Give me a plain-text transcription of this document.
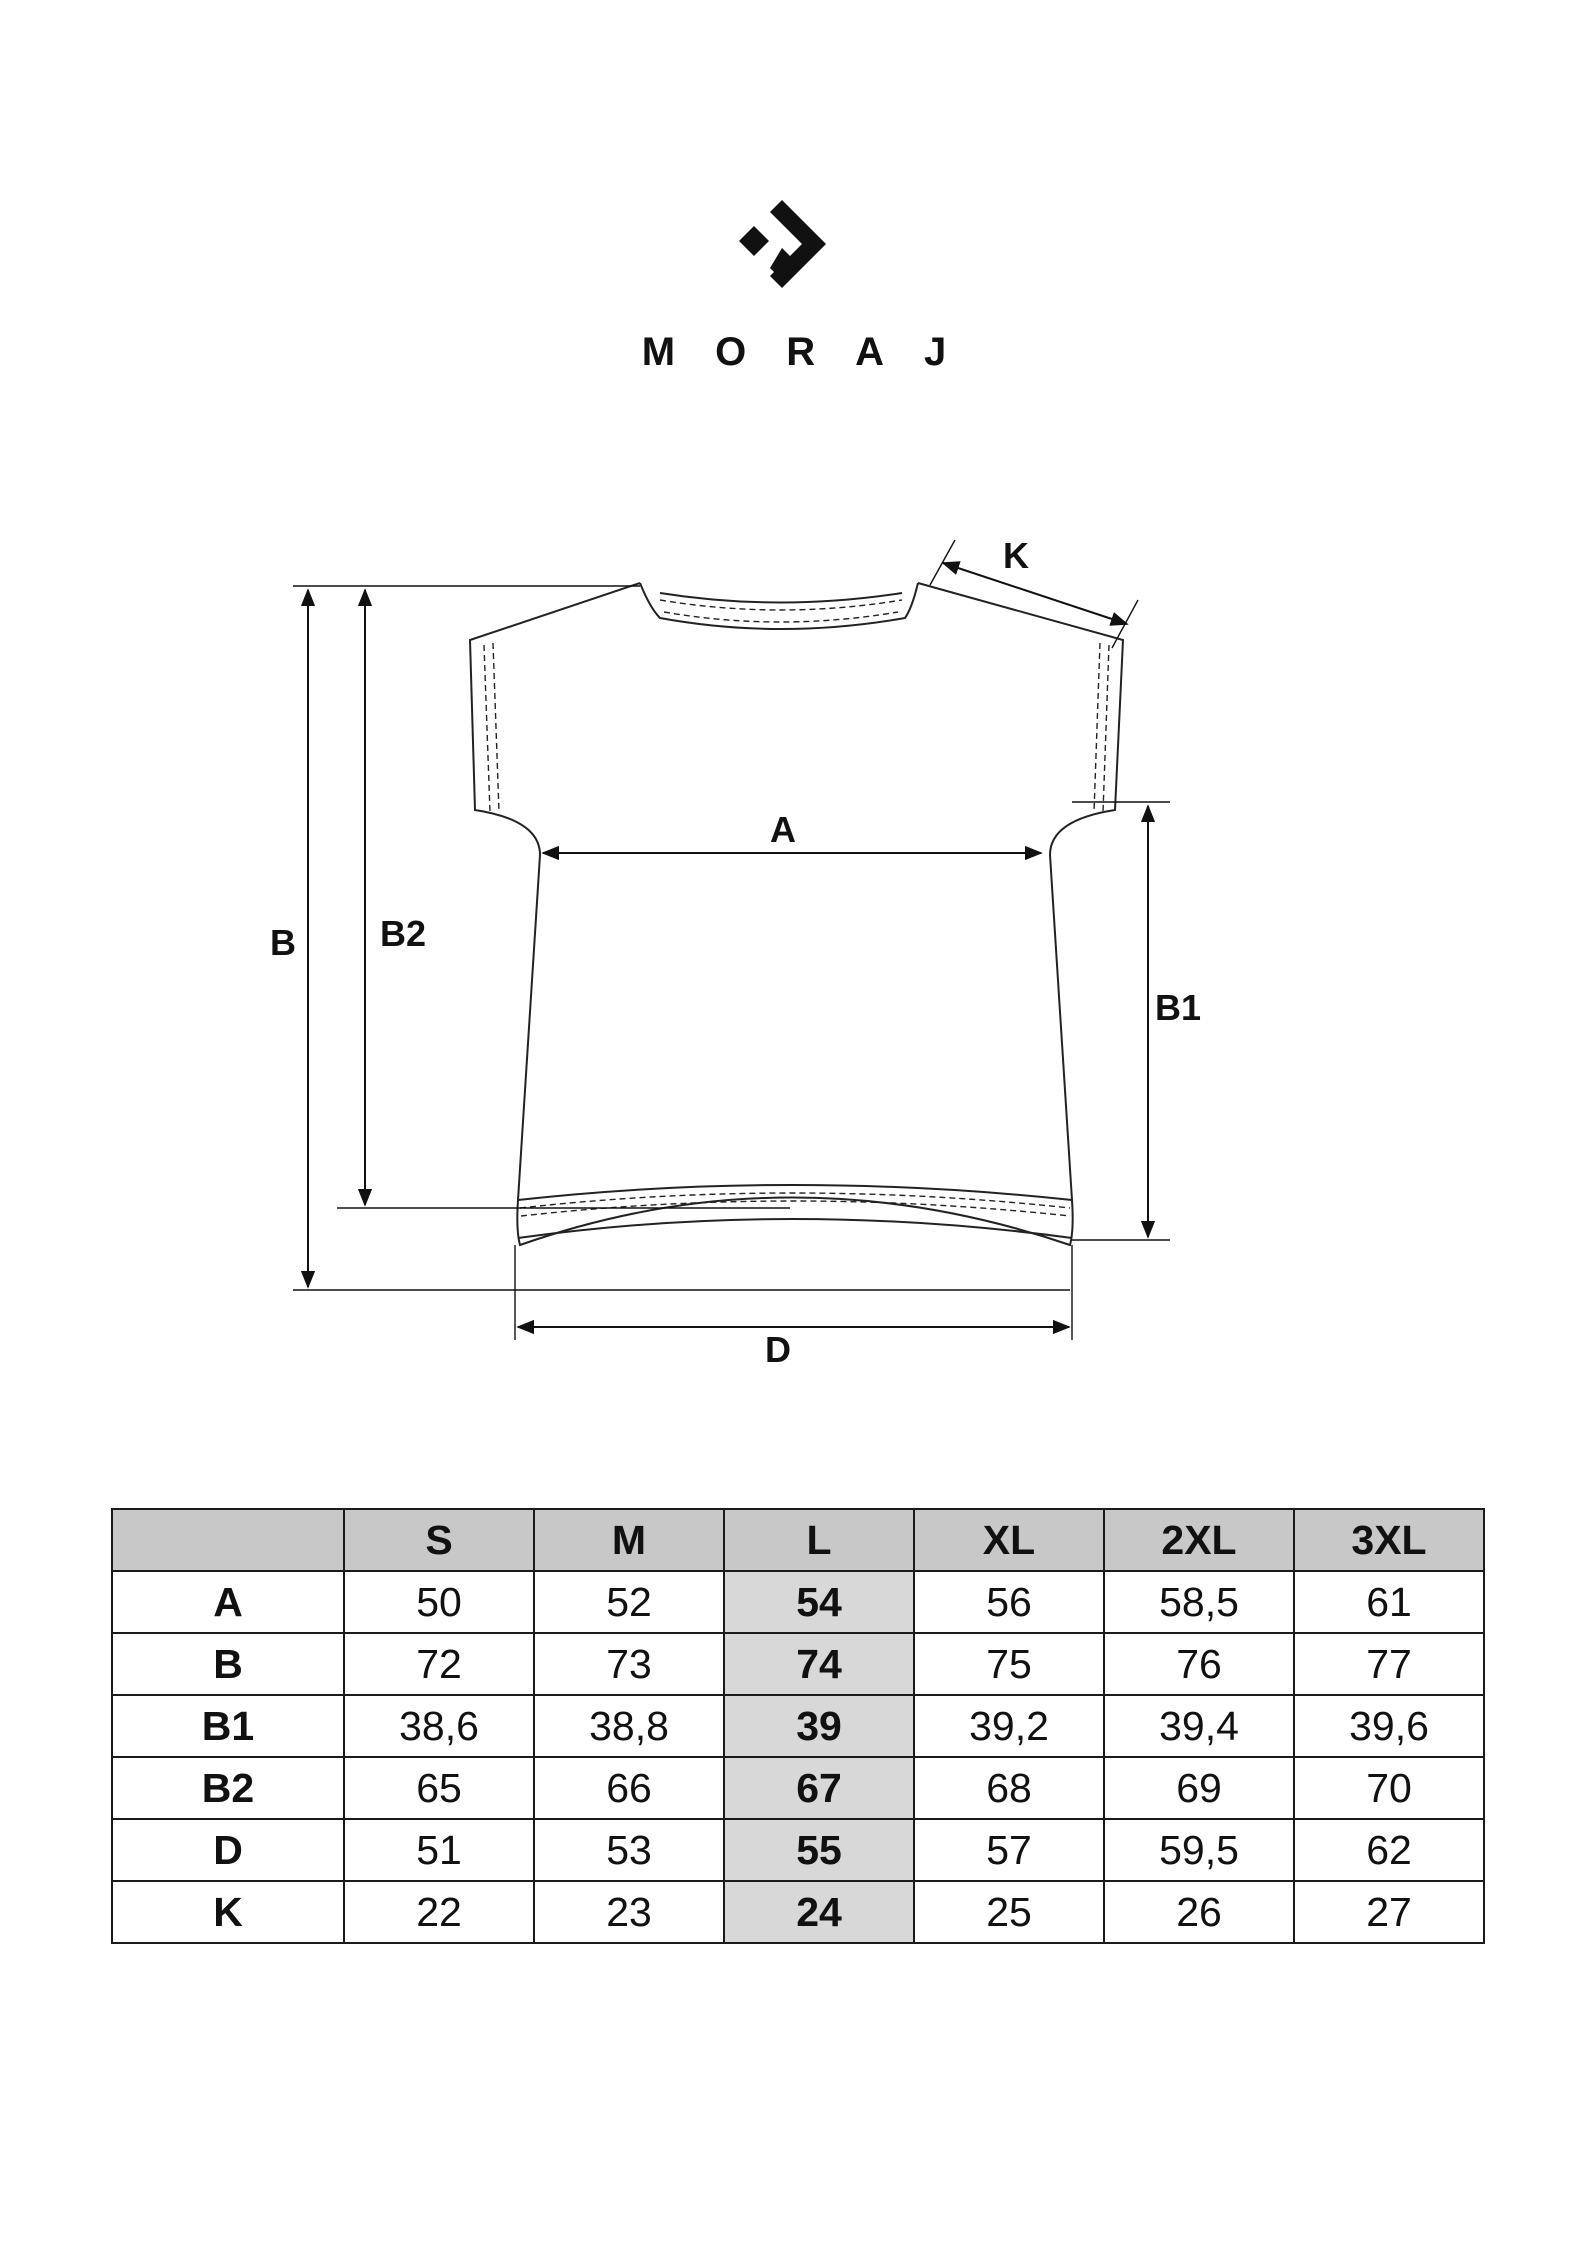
MORAJ
K
A
B B2
B1
D
	S	M	L	XL	2XL	3XL
A	50	52	54	56	58,5	61
B	72	73	74	75	76	77
B1	38,6	38,8	39	39,2	39,4	39,6
B2	65	66	67	68	69	70
D	51	53	55	57	59,5	62
K	22	23	24	25	26	27
